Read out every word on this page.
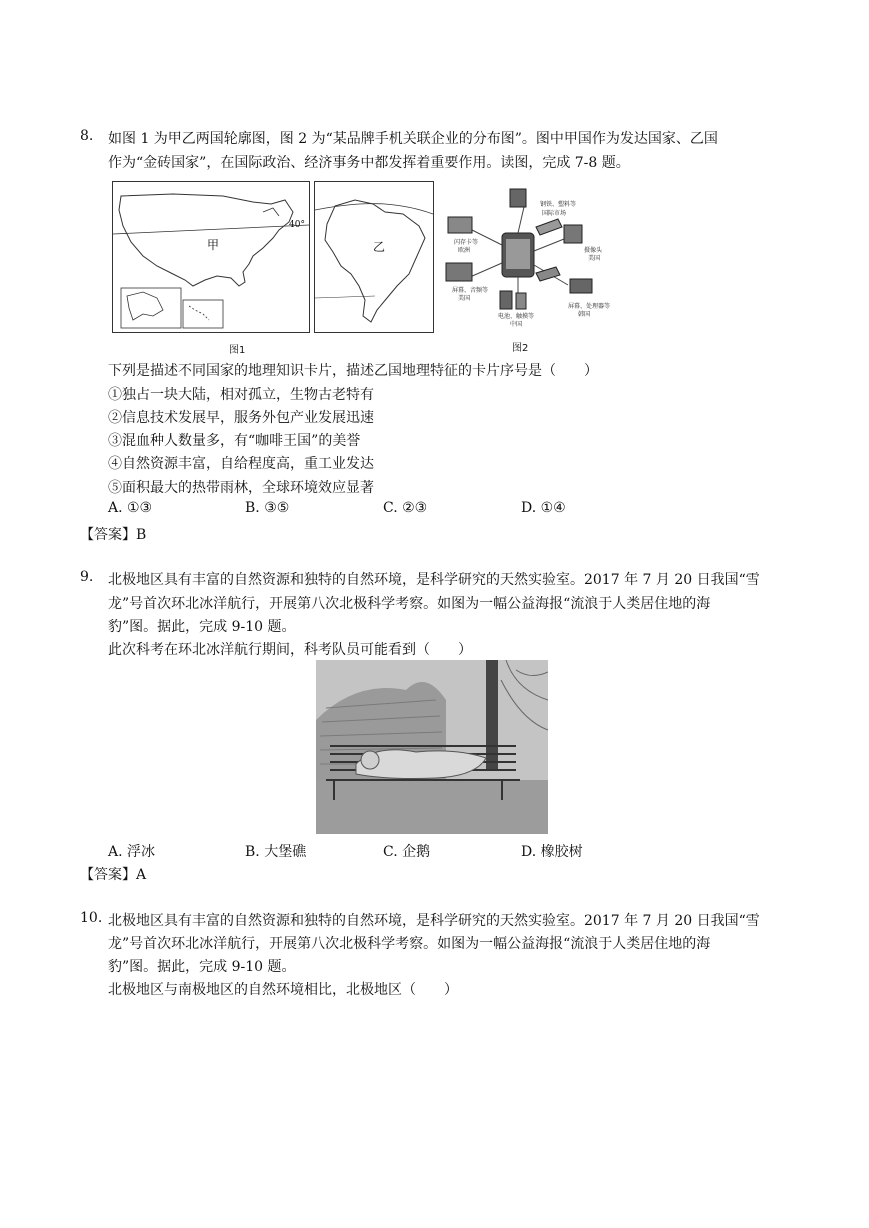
8. 如图 1 为甲乙两国轮廓图，图 2 为“某品牌手机关联企业的分布图”。图中甲国作为发达国家、乙国
作为“金砖国家”，在国际政治、经济事务中都发挥着重要作用。读图，完成 7-8 题。
甲
40°
乙
钢铁、塑料等
国际市场
闪存卡等
欧洲	摄像头
美国
屏幕、音频等
美国
电池、触摸等
中国
屏幕、处理器等
韩国
图1	图2
下列是描述不同国家的地理知识卡片，描述乙国地理特征的卡片序号是（　　）
①独占一块大陆，相对孤立，生物古老特有
②信息技术发展早，服务外包产业发展迅速
③混血种人数量多，有“咖啡王国”的美誉
④自然资源丰富，自给程度高，重工业发达
⑤面积最大的热带雨林，全球环境效应显著
A. ①③	B. ③⑤	C. ②③	D. ①④
【答案】B
9. 北极地区具有丰富的自然资源和独特的自然环境，是科学研究的天然实验室。2017 年 7 月 20 日我国“雪
龙”号首次环北冰洋航行，开展第八次北极科学考察。如图为一幅公益海报“流浪于人类居住地的海
豹”图。据此，完成 9-10 题。
此次科考在环北冰洋航行期间，科考队员可能看到（　　）
A. 浮冰	B. 大堡礁	C. 企鹅	D. 橡胶树
【答案】A
10. 北极地区具有丰富的自然资源和独特的自然环境，是科学研究的天然实验室。2017 年 7 月 20 日我国“雪
龙”号首次环北冰洋航行，开展第八次北极科学考察。如图为一幅公益海报“流浪于人类居住地的海
豹”图。据此，完成 9-10 题。
北极地区与南极地区的自然环境相比，北极地区（　　）
